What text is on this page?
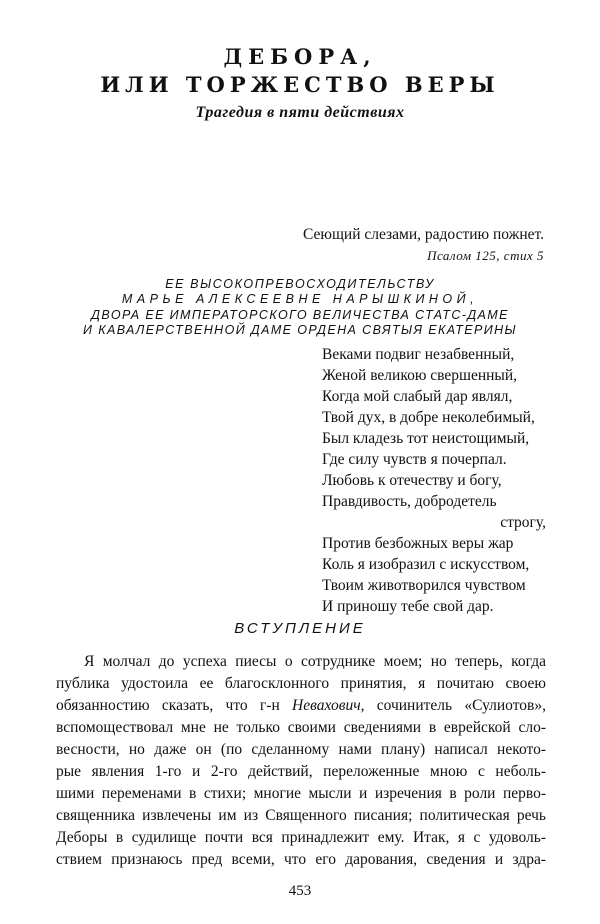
ДЕБОРА,
ИЛИ ТОРЖЕСТВО ВЕРЫ
Трагедия в пяти действиях
Сеющий слезами, радостию пожнет.
Псалом 125, стих 5
ЕЕ ВЫСОКОПРЕВОСХОДИТЕЛЬСТВУ
МАРЬЕ АЛЕКСЕЕВНЕ НАРЫШКИНОЙ,
ДВОРА ЕЕ ИМПЕРАТОРСКОГО ВЕЛИЧЕСТВА СТАТС-ДАМЕ
И КАВАЛЕРСТВЕННОЙ ДАМЕ ОРДЕНА СВЯТЫЯ ЕКАТЕРИНЫ
Веками подвиг незабвенный,
Женой великою свершенный,
Когда мой слабый дар являл,
Твой дух, в добре неколебимый,
Был кладезь тот неистощимый,
Где силу чувств я почерпал.
Любовь к отечеству и богу,
Правдивость, добродетель
строгу,
Против безбожных веры жар
Коль я изобразил с искусством,
Твоим животворился чувством
И приношу тебе свой дар.
ВСТУПЛЕНИЕ
Я молчал до успеха пиесы о сотруднике моем; но теперь, когда
публика удостоила ее благосклонного принятия, я почитаю своею
обязанностию сказать, что г-н Невахович, сочинитель «Сулиотов»,
вспомоществовал мне не только своими сведениями в еврейской сло-
весности, но даже он (по сделанному нами плану) написал некото-
рые явления 1-го и 2-го действий, переложенные мною с неболь-
шими переменами в стихи; многие мысли и изречения в роли перво-
священника извлечены им из Священного писания; политическая речь
Деборы в судилище почти вся принадлежит ему. Итак, я с удоволь-
ствием признаюсь пред всеми, что его дарования, сведения и здра-
453
